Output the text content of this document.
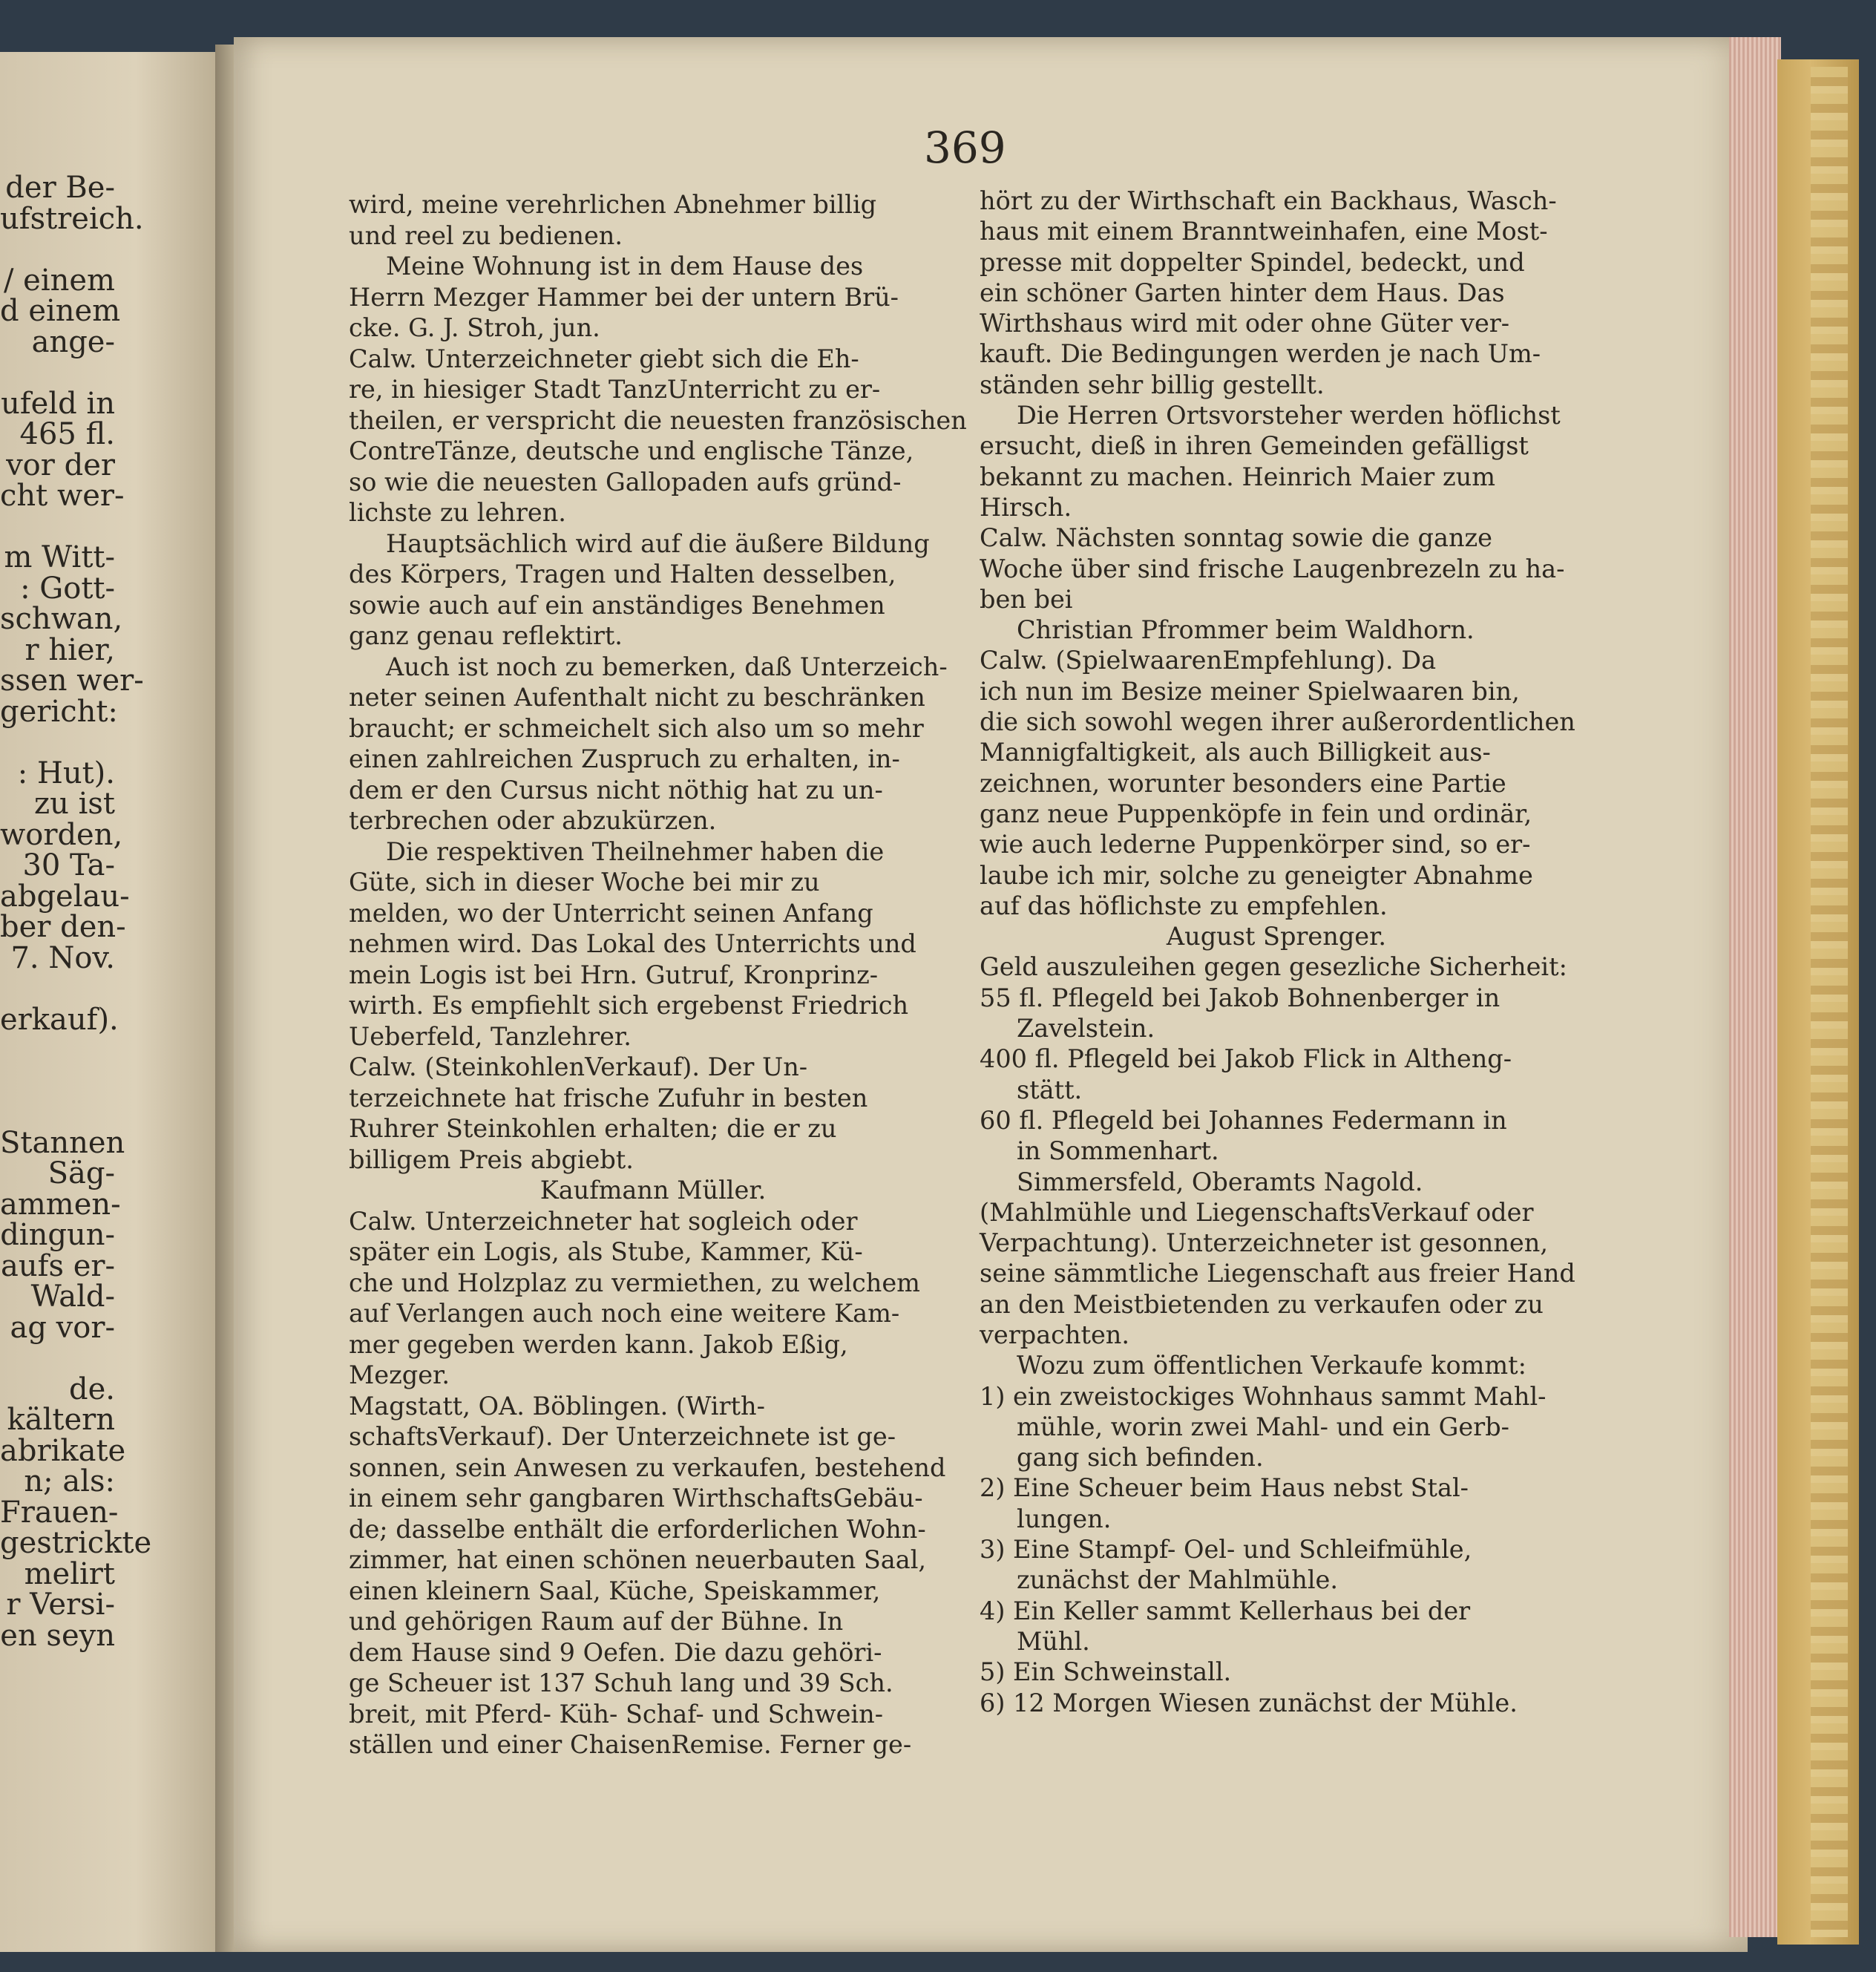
der Be-
ufstreich.
/ einem
d einem
ange-
ufeld in
465 fl.
vor der
cht wer-
m Witt-
: Gott-
schwan,
r hier,
ssen wer-
gericht:
: Hut).
zu ist
worden,
30 Ta-
abgelau-
ber den-
7. Nov.
erkauf).
Stannen
Säg-
ammen-
dingun-
aufs er-
Wald-
ag vor-
de.
kältern
abrikate
n; als:
Frauen-
gestrickte
melirt
r Versi-
en seyn
369
wird, meine verehrlichen Abnehmer billig
und reel zu bedienen.
Meine Wohnung ist in dem Hause des
Herrn Mezger Hammer bei der untern Brü-
cke. G. J. Stroh, jun.
Calw. Unterzeichneter giebt sich die Eh-
re, in hiesiger Stadt TanzUnterricht zu er-
theilen, er verspricht die neuesten französischen
ContreTänze, deutsche und englische Tänze,
so wie die neuesten Gallopaden aufs gründ-
lichste zu lehren.
Hauptsächlich wird auf die äußere Bildung
des Körpers, Tragen und Halten desselben,
sowie auch auf ein anständiges Benehmen
ganz genau reflektirt.
Auch ist noch zu bemerken, daß Unterzeich-
neter seinen Aufenthalt nicht zu beschränken
braucht; er schmeichelt sich also um so mehr
einen zahlreichen Zuspruch zu erhalten, in-
dem er den Cursus nicht nöthig hat zu un-
terbrechen oder abzukürzen.
Die respektiven Theilnehmer haben die
Güte, sich in dieser Woche bei mir zu
melden, wo der Unterricht seinen Anfang
nehmen wird. Das Lokal des Unterrichts und
mein Logis ist bei Hrn. Gutruf, Kronprinz-
wirth. Es empfiehlt sich ergebenst Friedrich
Ueberfeld, Tanzlehrer.
Calw. (SteinkohlenVerkauf). Der Un-
terzeichnete hat frische Zufuhr in besten
Ruhrer Steinkohlen erhalten; die er zu
billigem Preis abgiebt.
Kaufmann Müller.
Calw. Unterzeichneter hat sogleich oder
später ein Logis, als Stube, Kammer, Kü-
che und Holzplaz zu vermiethen, zu welchem
auf Verlangen auch noch eine weitere Kam-
mer gegeben werden kann. Jakob Eßig,
Mezger.
Magstatt, OA. Böblingen. (Wirth-
schaftsVerkauf). Der Unterzeichnete ist ge-
sonnen, sein Anwesen zu verkaufen, bestehend
in einem sehr gangbaren WirthschaftsGebäu-
de; dasselbe enthält die erforderlichen Wohn-
zimmer, hat einen schönen neuerbauten Saal,
einen kleinern Saal, Küche, Speiskammer,
und gehörigen Raum auf der Bühne. In
dem Hause sind 9 Oefen. Die dazu gehöri-
ge Scheuer ist 137 Schuh lang und 39 Sch.
breit, mit Pferd- Küh- Schaf- und Schwein-
ställen und einer ChaisenRemise. Ferner ge-
hört zu der Wirthschaft ein Backhaus, Wasch-
haus mit einem Branntweinhafen, eine Most-
presse mit doppelter Spindel, bedeckt, und
ein schöner Garten hinter dem Haus. Das
Wirthshaus wird mit oder ohne Güter ver-
kauft. Die Bedingungen werden je nach Um-
ständen sehr billig gestellt.
Die Herren Ortsvorsteher werden höflichst
ersucht, dieß in ihren Gemeinden gefälligst
bekannt zu machen. Heinrich Maier zum
Hirsch.
Calw. Nächsten sonntag sowie die ganze
Woche über sind frische Laugenbrezeln zu ha-
ben bei
Christian Pfrommer beim Waldhorn.
Calw. (SpielwaarenEmpfehlung). Da
ich nun im Besize meiner Spielwaaren bin,
die sich sowohl wegen ihrer außerordentlichen
Mannigfaltigkeit, als auch Billigkeit aus-
zeichnen, worunter besonders eine Partie
ganz neue Puppenköpfe in fein und ordinär,
wie auch lederne Puppenkörper sind, so er-
laube ich mir, solche zu geneigter Abnahme
auf das höflichste zu empfehlen.
August Sprenger.
Geld auszuleihen gegen gesezliche Sicherheit:
55 fl. Pflegeld bei Jakob Bohnenberger in
Zavelstein.
400 fl. Pflegeld bei Jakob Flick in Altheng-
stätt.
60 fl. Pflegeld bei Johannes Federmann in
in Sommenhart.
Simmersfeld, Oberamts Nagold.
(Mahlmühle und LiegenschaftsVerkauf oder
Verpachtung). Unterzeichneter ist gesonnen,
seine sämmtliche Liegenschaft aus freier Hand
an den Meistbietenden zu verkaufen oder zu
verpachten.
Wozu zum öffentlichen Verkaufe kommt:
1) ein zweistockiges Wohnhaus sammt Mahl-
mühle, worin zwei Mahl- und ein Gerb-
gang sich befinden.
2) Eine Scheuer beim Haus nebst Stal-
lungen.
3) Eine Stampf- Oel- und Schleifmühle,
zunächst der Mahlmühle.
4) Ein Keller sammt Kellerhaus bei der
Mühl.
5) Ein Schweinstall.
6) 12 Morgen Wiesen zunächst der Mühle.
